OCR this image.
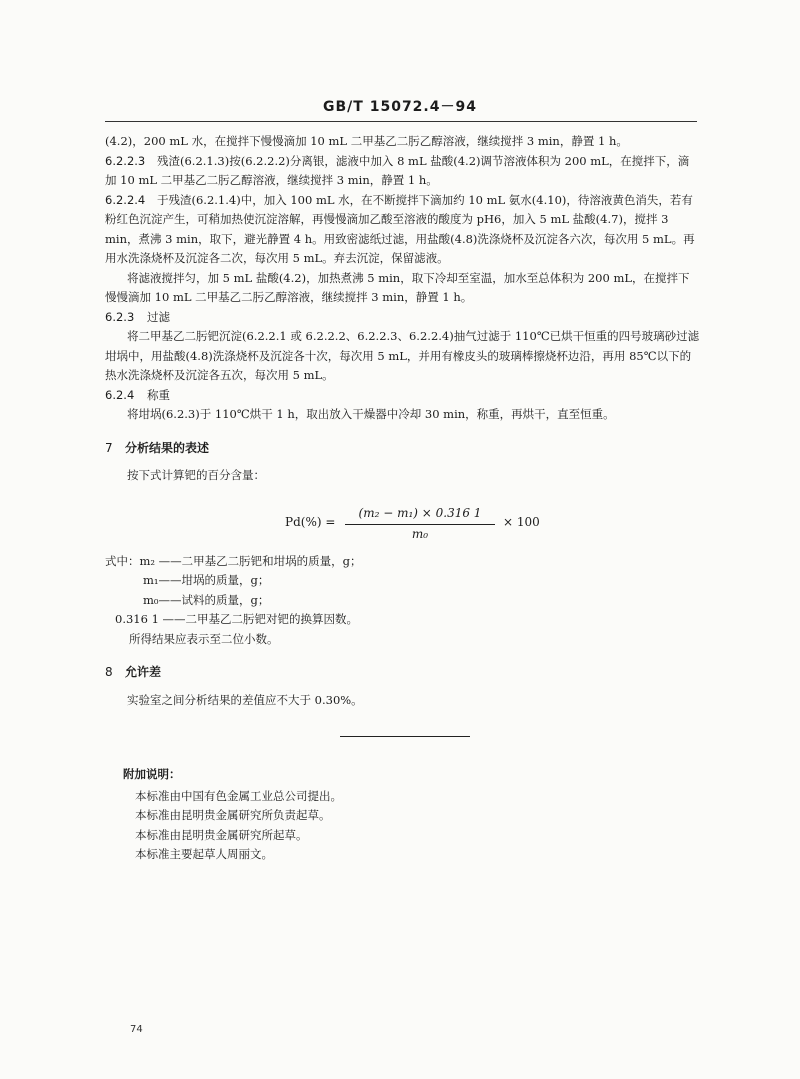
GB/T 15072.4－94

(4.2)，200 mL 水，在搅拌下慢慢滴加 10 mL 二甲基乙二肟乙醇溶液，继续搅拌 3 min，静置 1 h。

6.2.2.3 残渣(6.2.1.3)按(6.2.2.2)分离银，滤液中加入 8 mL 盐酸(4.2)调节溶液体积为 200 mL，在搅拌下，滴加 10 mL 二甲基乙二肟乙醇溶液，继续搅拌 3 min，静置 1 h。

6.2.2.4 于残渣(6.2.1.4)中，加入 100 mL 水，在不断搅拌下滴加约 10 mL 氨水(4.10)，待溶液黄色消失，若有粉红色沉淀产生，可稍加热使沉淀溶解，再慢慢滴加乙酸至溶液的酸度为 pH6，加入 5 mL 盐酸(4.7)，搅拌 3 min，煮沸 3 min，取下，避光静置 4 h。用致密滤纸过滤，用盐酸(4.8)洗涤烧杯及沉淀各六次，每次用 5 mL。再用水洗涤烧杯及沉淀各二次，每次用 5 mL。弃去沉淀，保留滤液。

将滤液搅拌匀，加 5 mL 盐酸(4.2)，加热煮沸 5 min，取下冷却至室温，加水至总体积为 200 mL，在搅拌下慢慢滴加 10 mL 二甲基乙二肟乙醇溶液，继续搅拌 3 min，静置 1 h。

6.2.3 过滤

将二甲基乙二肟钯沉淀(6.2.2.1 或 6.2.2.2、6.2.2.3、6.2.2.4)抽气过滤于 110℃已烘干恒重的四号玻璃砂过滤坩埚中，用盐酸(4.8)洗涤烧杯及沉淀各十次，每次用 5 mL，并用有橡皮头的玻璃棒擦烧杯边沿，再用 85℃以下的热水洗涤烧杯及沉淀各五次，每次用 5 mL。

6.2.4 称重

将坩埚(6.2.3)于 110℃烘干 1 h，取出放入干燥器中冷却 30 min，称重，再烘干，直至恒重。

7 分析结果的表述

按下式计算钯的百分含量：

$Pd(\%) = \frac{\text{(m₂ − m₁) × 0.316 1}}{\text{m₀}} \times 100$

式中：m₂ ——二甲基乙二肟钯和坩埚的质量，g；

m₁——坩埚的质量，g；

m₀——试料的质量，g；

0.316 1 ——二甲基乙二肟钯对钯的换算因数。

所得结果应表示至二位小数。

8 允许差

实验室之间分析结果的差值应不大于 0.30%。

附加说明：

本标准由中国有色金属工业总公司提出。

本标准由昆明贵金属研究所负责起草。

本标准由昆明贵金属研究所起草。

本标准主要起草人周丽文。

74
